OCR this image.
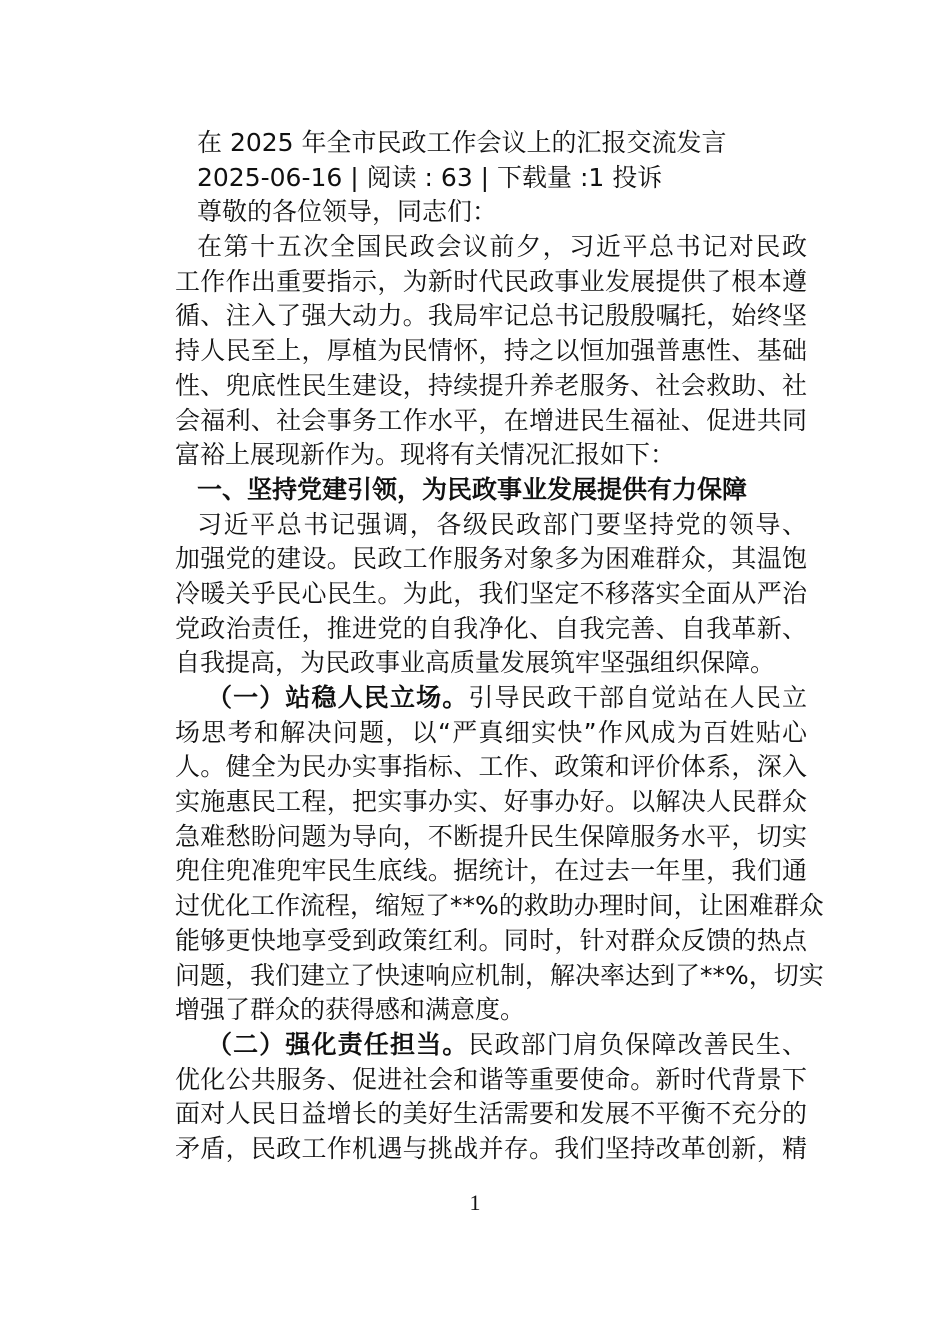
在 2025 年全市民政工作会议上的汇报交流发言
2025-06-16 | 阅读 : 63 | 下载量 :1 投诉
尊敬的各位领导，同志们：
在第十五次全国民政会议前夕，习近平总书记对民政
工作作出重要指示，为新时代民政事业发展提供了根本遵
循、注入了强大动力。我局牢记总书记殷殷嘱托，始终坚
持人民至上，厚植为民情怀，持之以恒加强普惠性、基础
性、兜底性民生建设，持续提升养老服务、社会救助、社
会福利、社会事务工作水平，在增进民生福祉、促进共同
富裕上展现新作为。现将有关情况汇报如下：
一、坚持党建引领，为民政事业发展提供有力保障
习近平总书记强调，各级民政部门要坚持党的领导、
加强党的建设。民政工作服务对象多为困难群众，其温饱
冷暖关乎民心民生。为此，我们坚定不移落实全面从严治
党政治责任，推进党的自我净化、自我完善、自我革新、
自我提高，为民政事业高质量发展筑牢坚强组织保障。
（一）站稳人民立场。引导民政干部自觉站在人民立
场思考和解决问题，以“严真细实快”作风成为百姓贴心
人。健全为民办实事指标、工作、政策和评价体系，深入
实施惠民工程，把实事办实、好事办好。以解决人民群众
急难愁盼问题为导向，不断提升民生保障服务水平，切实
兜住兜准兜牢民生底线。据统计，在过去一年里，我们通
过优化工作流程，缩短了**%的救助办理时间，让困难群众
能够更快地享受到政策红利。同时，针对群众反馈的热点
问题，我们建立了快速响应机制，解决率达到了**%，切实
增强了群众的获得感和满意度。
（二）强化责任担当。民政部门肩负保障改善民生、
优化公共服务、促进社会和谐等重要使命。新时代背景下
面对人民日益增长的美好生活需要和发展不平衡不充分的
矛盾，民政工作机遇与挑战并存。我们坚持改革创新，精
1
